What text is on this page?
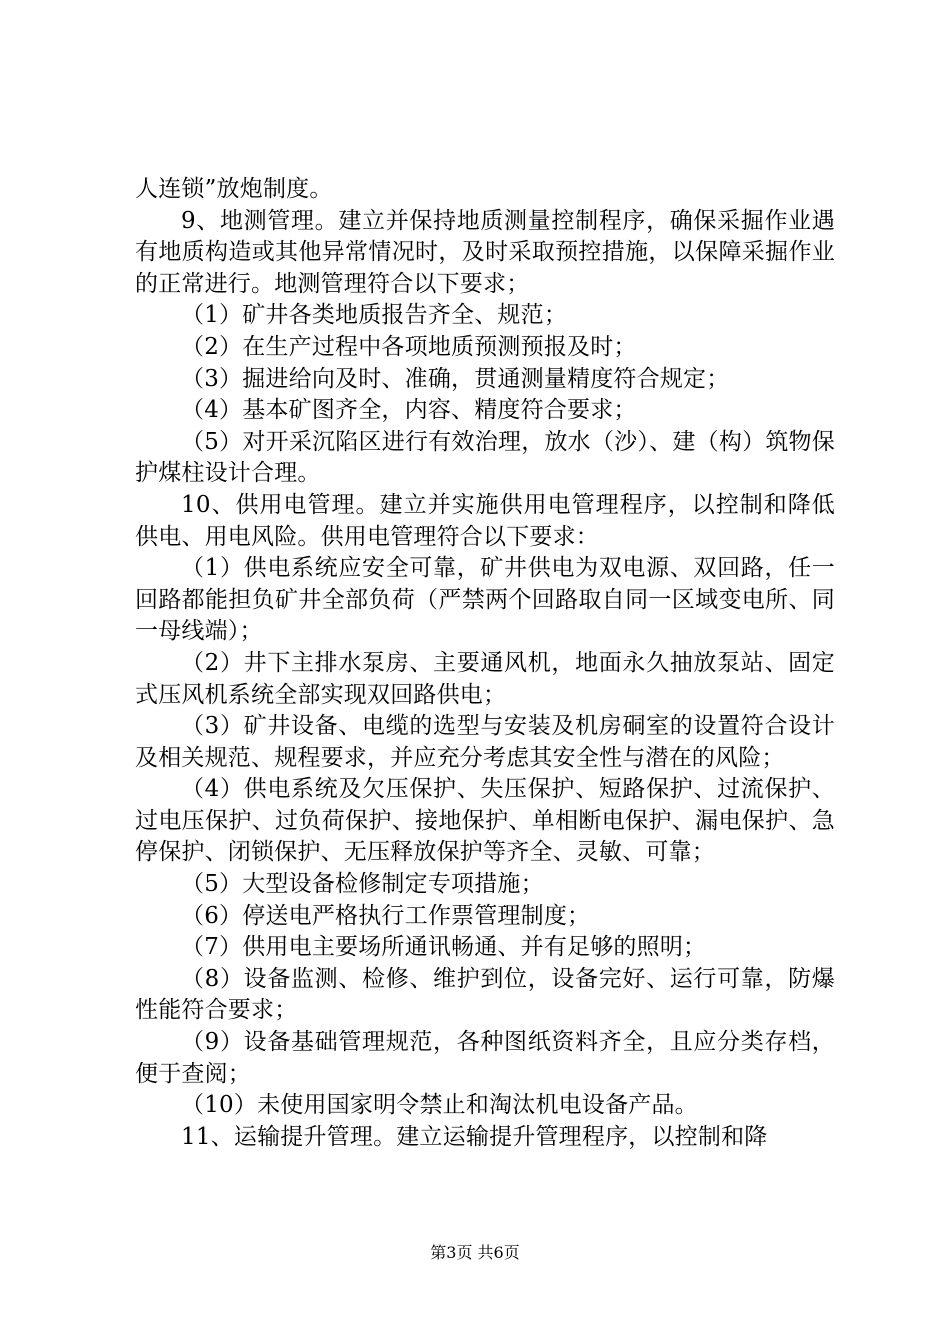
人连锁”放炮制度。

9、地测管理。建立并保持地质测量控制程序，确保采掘作业遇有地质构造或其他异常情况时，及时采取预控措施，以保障采掘作业的正常进行。地测管理符合以下要求；

（1）矿井各类地质报告齐全、规范；

（2）在生产过程中各项地质预测预报及时；

（3）掘进给向及时、准确，贯通测量精度符合规定；

（4）基本矿图齐全，内容、精度符合要求；

（5）对开采沉陷区进行有效治理，放水（沙）、建（构）筑物保护煤柱设计合理。

10、供用电管理。建立并实施供用电管理程序，以控制和降低供电、用电风险。供用电管理符合以下要求：

（1）供电系统应安全可靠，矿井供电为双电源、双回路，任一回路都能担负矿井全部负荷（严禁两个回路取自同一区域变电所、同一母线端）；

（2）井下主排水泵房、主要通风机，地面永久抽放泵站、固定式压风机系统全部实现双回路供电；

（3）矿井设备、电缆的选型与安装及机房硐室的设置符合设计及相关规范、规程要求，并应充分考虑其安全性与潜在的风险；

（4）供电系统及欠压保护、失压保护、短路保护、过流保护、过电压保护、过负荷保护、接地保护、单相断电保护、漏电保护、急停保护、闭锁保护、无压释放保护等齐全、灵敏、可靠；

（5）大型设备检修制定专项措施；

（6）停送电严格执行工作票管理制度；

（7）供用电主要场所通讯畅通、并有足够的照明；

（8）设备监测、检修、维护到位，设备完好、运行可靠，防爆性能符合要求；

（9）设备基础管理规范，各种图纸资料齐全，且应分类存档，便于查阅；

（10）未使用国家明令禁止和淘汰机电设备产品。

11、运输提升管理。建立运输提升管理程序，以控制和降

第3页 共6页
